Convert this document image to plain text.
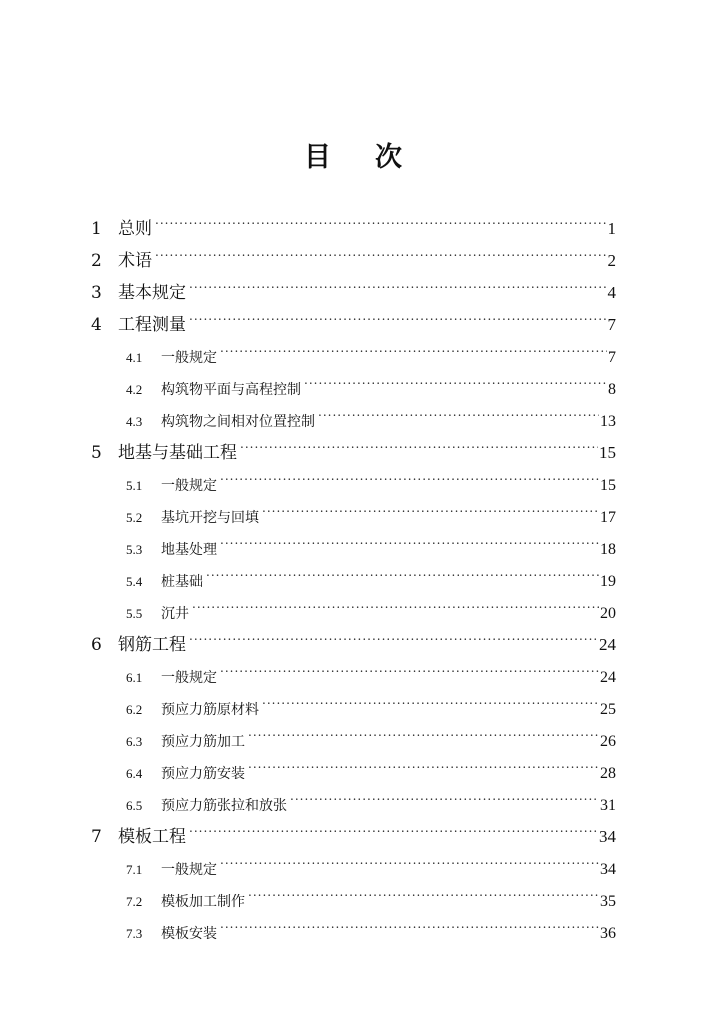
目 次
1 总则 .....	1
2 术语 .....	2
3 基本规定 .....	4
4 工程测量 .....	7
4.1	一般规定 .....	7
4.2	构筑物平面与高程控制 .....	8
4.3	构筑物之间相对位置控制 .....	13
5 地基与基础工程 .....	15
5.1	一般规定 .....	15
5.2	基坑开挖与回填 .....	17
5.3	地基处理 .....	18
5.4	桩基础 .....	19
5.5	沉井 .....	20
6 钢筋工程 .....	24
6.1	一般规定 .....	24
6.2	预应力筋原材料 .....	25
6.3	预应力筋加工 .....	26
6.4	预应力筋安装 .....	28
6.5	预应力筋张拉和放张 .....	31
7 模板工程 .....	34
7.1	一般规定 .....	34
7.2	模板加工制作 .....	35
7.3	模板安装 .....	36
